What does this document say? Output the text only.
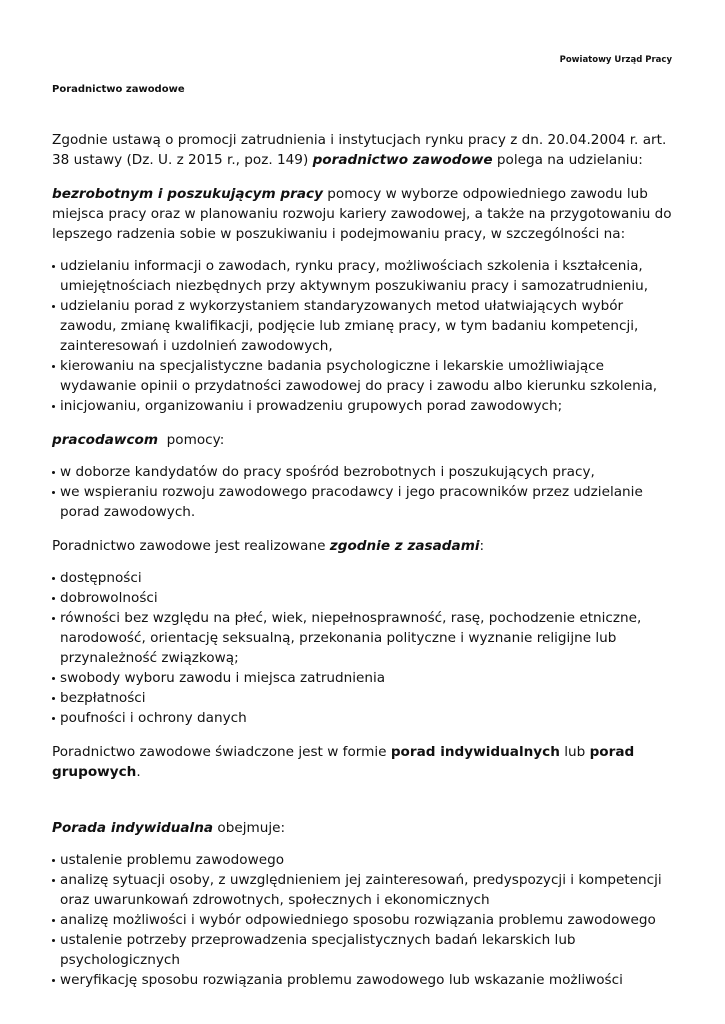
Powiatowy Urząd Pracy
Poradnictwo zawodowe

Zgodnie ustawą o promocji zatrudnienia i instytucjach rynku pracy z dn. 20.04.2004 r. art. 38 ustawy (Dz. U. z 2015 r., poz. 149) poradnictwo zawodowe polega na udzielaniu:

bezrobotnym i poszukującym pracy pomocy w wyborze odpowiedniego zawodu lub miejsca pracy oraz w planowaniu rozwoju kariery zawodowej, a także na przygotowaniu do lepszego radzenia sobie w poszukiwaniu i podejmowaniu pracy, w szczególności na:

udzielaniu informacji o zawodach, rynku pracy, możliwościach szkolenia i kształcenia, umiejętnościach niezbędnych przy aktywnym poszukiwaniu pracy i samozatrudnieniu,
udzielaniu porad z wykorzystaniem standaryzowanych metod ułatwiających wybór zawodu, zmianę kwalifikacji, podjęcie lub zmianę pracy, w tym badaniu kompetencji, zainteresowań i uzdolnień zawodowych,
kierowaniu na specjalistyczne badania psychologiczne i lekarskie umożliwiające wydawanie opinii o przydatności zawodowej do pracy i zawodu albo kierunku szkolenia,
inicjowaniu, organizowaniu i prowadzeniu grupowych porad zawodowych;

pracodawcom  pomocy:

w doborze kandydatów do pracy spośród bezrobotnych i poszukujących pracy,
we wspieraniu rozwoju zawodowego pracodawcy i jego pracowników przez udzielanie porad zawodowych.

Poradnictwo zawodowe jest realizowane zgodnie z zasadami:

dostępności
dobrowolności
równości bez względu na płeć, wiek, niepełnosprawność, rasę, pochodzenie etniczne, narodowość, orientację seksualną, przekonania polityczne i wyznanie religijne lub przynależność związkową;
swobody wyboru zawodu i miejsca zatrudnienia
bezpłatności
poufności i ochrony danych

Poradnictwo zawodowe świadczone jest w formie porad indywidualnych lub porad grupowych.

Porada indywidualna obejmuje:

ustalenie problemu zawodowego
analizę sytuacji osoby, z uwzględnieniem jej zainteresowań, predyspozycji i kompetencji oraz uwarunkowań zdrowotnych, społecznych i ekonomicznych
analizę możliwości i wybór odpowiedniego sposobu rozwiązania problemu zawodowego
ustalenie potrzeby przeprowadzenia specjalistycznych badań lekarskich lub psychologicznych
weryfikację sposobu rozwiązania problemu zawodowego lub wskazanie możliwości
